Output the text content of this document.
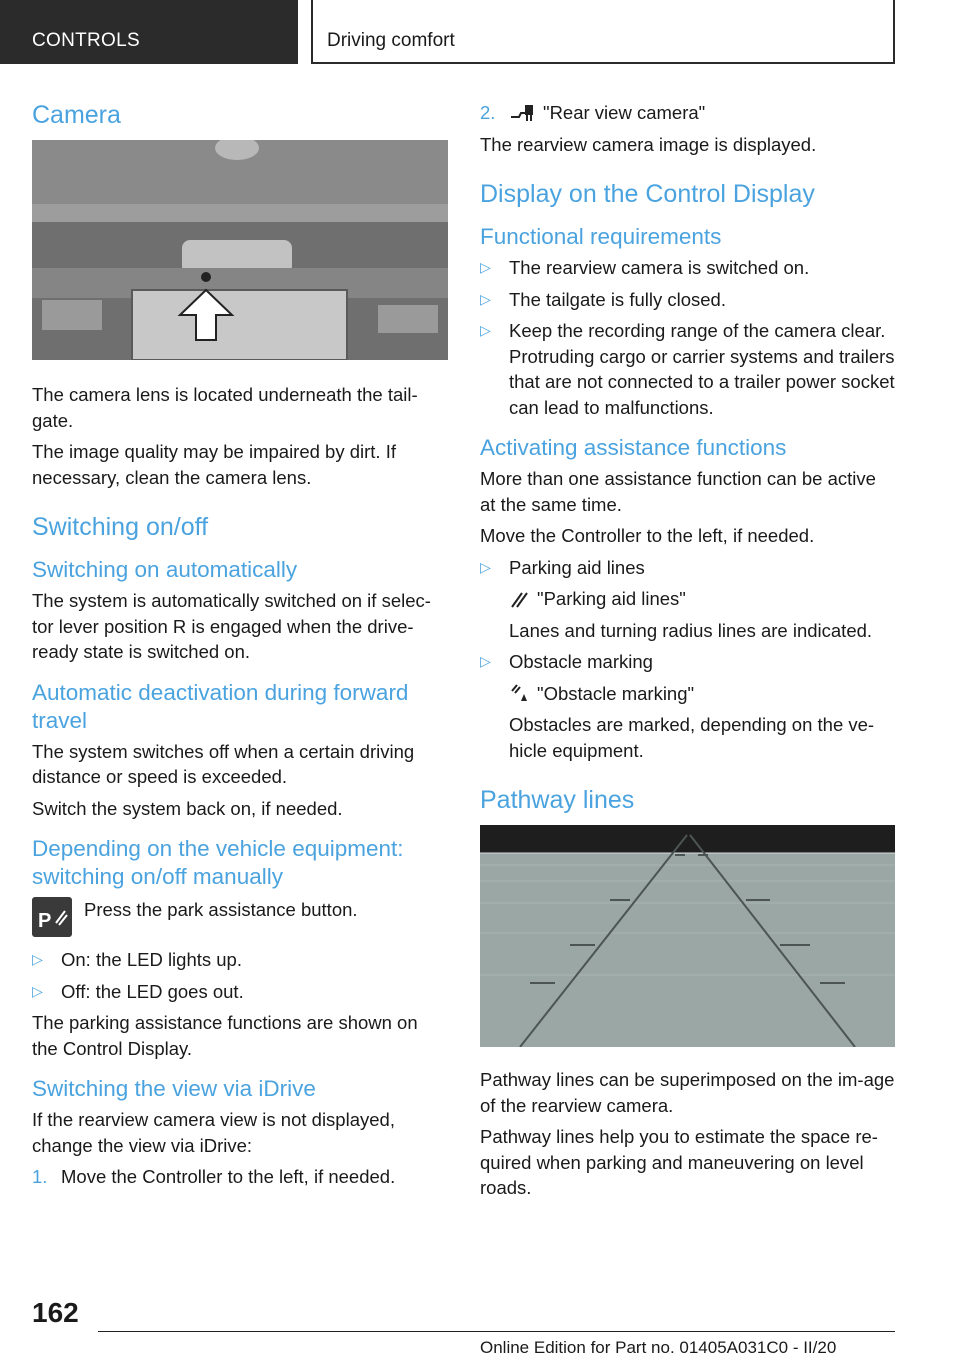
CONTROLS	Driving comfort
Camera

The camera lens is located underneath the tail-gate.

The image quality may be impaired by dirt. If necessary, clean the camera lens.

Switching on/off
Switching on automatically

The system is automatically switched on if selec-tor lever position R is engaged when the drive-ready state is switched on.

Automatic deactivation during forward travel

The system switches off when a certain driving distance or speed is exceeded.

Switch the system back on, if needed.

Depending on the vehicle equipment: switching on/off manually
P

Press the park assistance button.

▷ On: the LED lights up.
▷ Off: the LED goes out.

The parking assistance functions are shown on the Control Display.

Switching the view via iDrive

If the rearview camera view is not displayed, change the view via iDrive:

1. Move the Controller to the left, if needed.
2.	"Rear view camera"

The rearview camera image is displayed.

Display on the Control Display
Functional requirements
▷ The rearview camera is switched on.
▷ The tailgate is fully closed.
▷ Keep the recording range of the camera clear. Protruding cargo or carrier systems and trailers that are not connected to a trailer power socket can lead to malfunctions.
Activating assistance functions

More than one assistance function can be active at the same time.

Move the Controller to the left, if needed.

▷ Parking aid lines
"Parking aid lines"
Lanes and turning radius lines are indicated.
▷ Obstacle marking
"Obstacle marking"
Obstacles are marked, depending on the ve-hicle equipment.
Pathway lines

Pathway lines can be superimposed on the im-age of the rearview camera.

Pathway lines help you to estimate the space re-quired when parking and maneuvering on level roads.

162
Online Edition for Part no. 01405A031C0 - II/20
